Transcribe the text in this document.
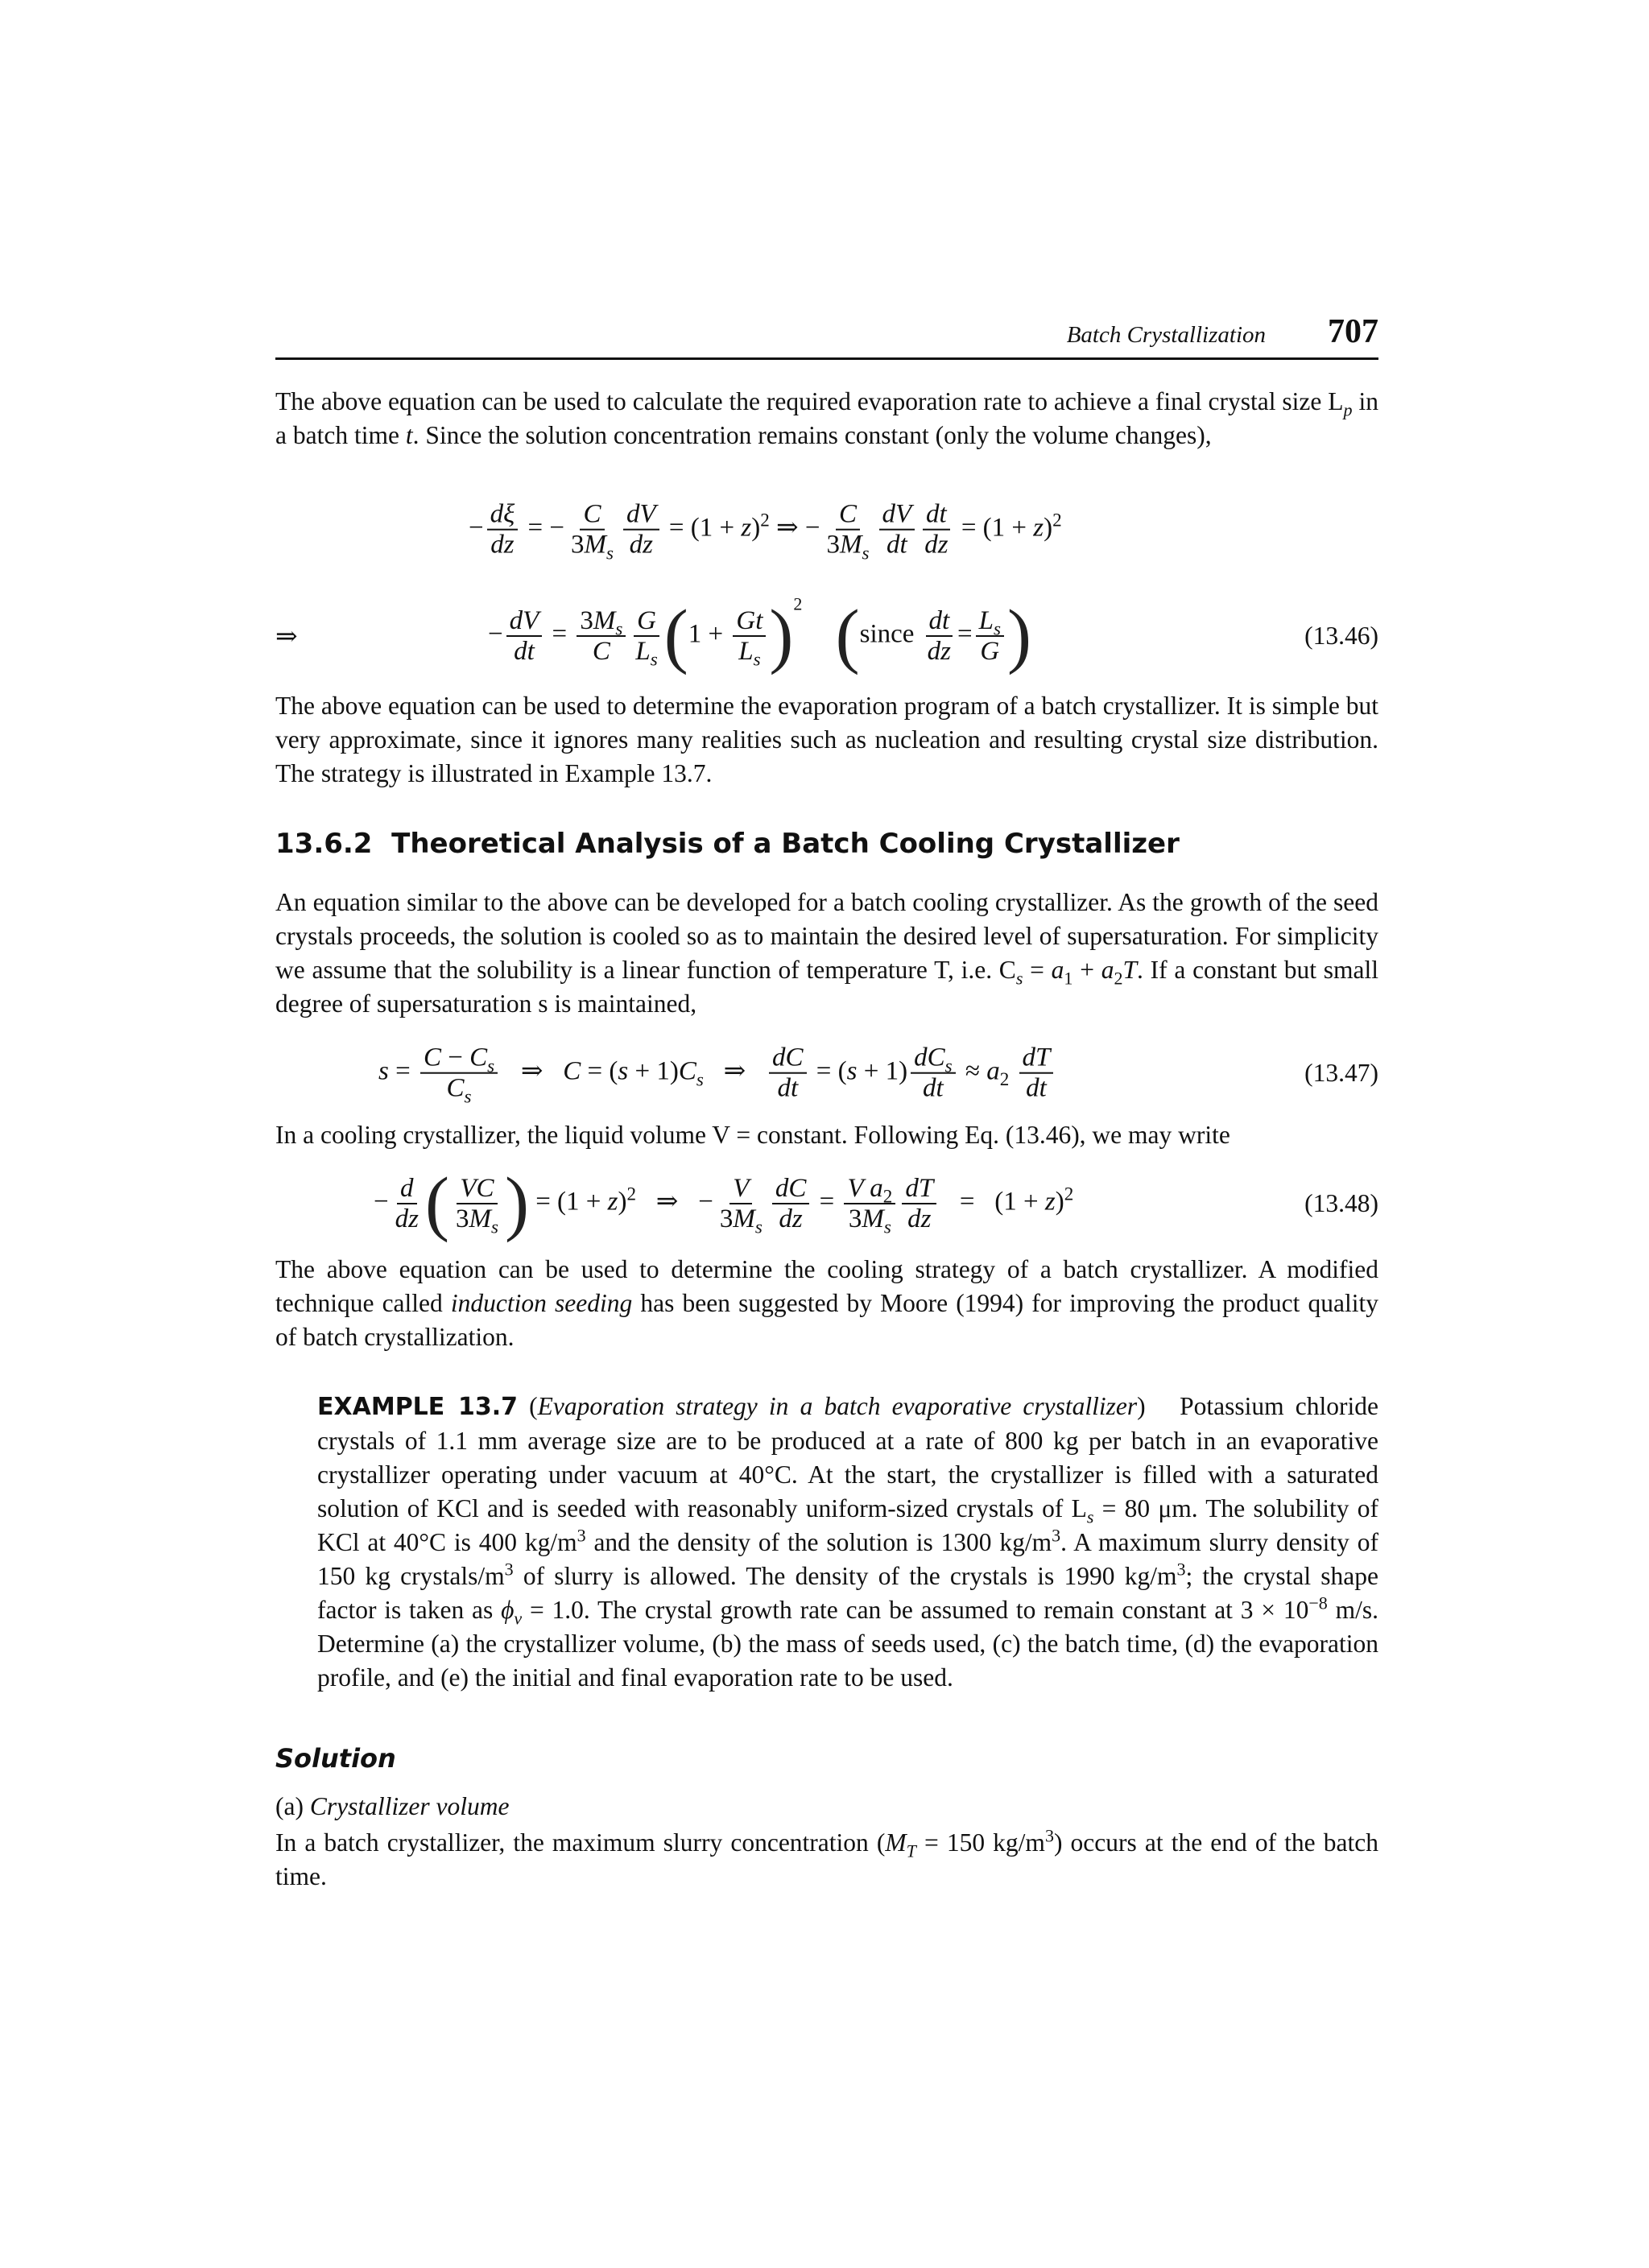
Batch Crystallization 707

The above equation can be used to calculate the required evaporation rate to achieve a final crystal size $L_p$ in a batch time t. Since the solution concentration remains constant (only the volume changes),

− $\frac{d\xi}{dz}$ = − $\frac{C}{3M_s} \frac{dV}{dz} = (1 + z)^2$ ⇒ − $\frac{C}{3M_s} \frac{dV}{dt} \frac{dt}{dz} = (1 + z)^2$
⇒	− $\frac{dV}{dt} = \frac{3M_s}{C} \frac{G}{L_s} (1 + \frac{Gt}{L_s} )^2$ (since $\frac{dt}{dz} = \frac{L_s}{G}$ )	(13.46)

The above equation can be used to determine the evaporation program of a batch crystallizer. It is simple but very approximate, since it ignores many realities such as nucleation and resulting crystal size distribution. The strategy is illustrated in Example 13.7.

13.6.2 Theoretical Analysis of a Batch Cooling Crystallizer

An equation similar to the above can be developed for a batch cooling crystallizer. As the growth of the seed crystals proceeds, the solution is cooled so as to maintain the desired level of supersaturation. For simplicity we assume that the solubility is a linear function of temperature T, i.e. $C_s = a_1 + a_2T$. If a constant but small degree of supersaturation s is maintained,

$s = \frac{C - C_s}{C_s}$ ⇒   $C = (s + 1)C_s$   ⇒ $\frac{dC}{dt} = (s + 1) \frac{dC_s}{dt} \approx a_2 \frac{dT}{dt}$	(13.47)

In a cooling crystallizer, the liquid volume V = constant. Following Eq. (13.46), we may write

− $\frac{d}{dz}$ ( $\frac{VC}{3M_s}$ ) = $(1 + z)^2$   ⇒   − $\frac{V}{3M_s} \frac{dC}{dz} = \frac{V a_2}{3M_s} \frac{dT}{dz} = (1 + z)^2$	(13.48)

The above equation can be used to determine the cooling strategy of a batch crystallizer. A modified technique called induction seeding has been suggested by Moore (1994) for improving the product quality of batch crystallization.

EXAMPLE 13.7 (Evaporation strategy in a batch evaporative crystallizer)   Potassium chloride crystals of 1.1 mm average size are to be produced at a rate of 800 kg per batch in an evaporative crystallizer operating under vacuum at 40°C. At the start, the crystallizer is filled with a saturated solution of KCl and is seeded with reasonably uniform-sized crystals of $L_s = 80$ μm. The solubility of KCl at 40°C is 400 $kg/m^3$ and the density of the solution is 1300 $kg/m^3$. A maximum slurry density of 150 kg crystals/$m^3$ of slurry is allowed. The density of the crystals is 1990 $kg/m^3$; the crystal shape factor is taken as $\phi_v = 1.0$. The crystal growth rate can be assumed to remain constant at $3 \times 10^{-8}$ m/s. Determine (a) the crystallizer volume, (b) the mass of seeds used, (c) the batch time, (d) the evaporation profile, and (e) the initial and final evaporation rate to be used.

Solution

(a) Crystallizer volume

In a batch crystallizer, the maximum slurry concentration ($M_T = 150$ $kg/m^3$) occurs at the end of the batch time.
